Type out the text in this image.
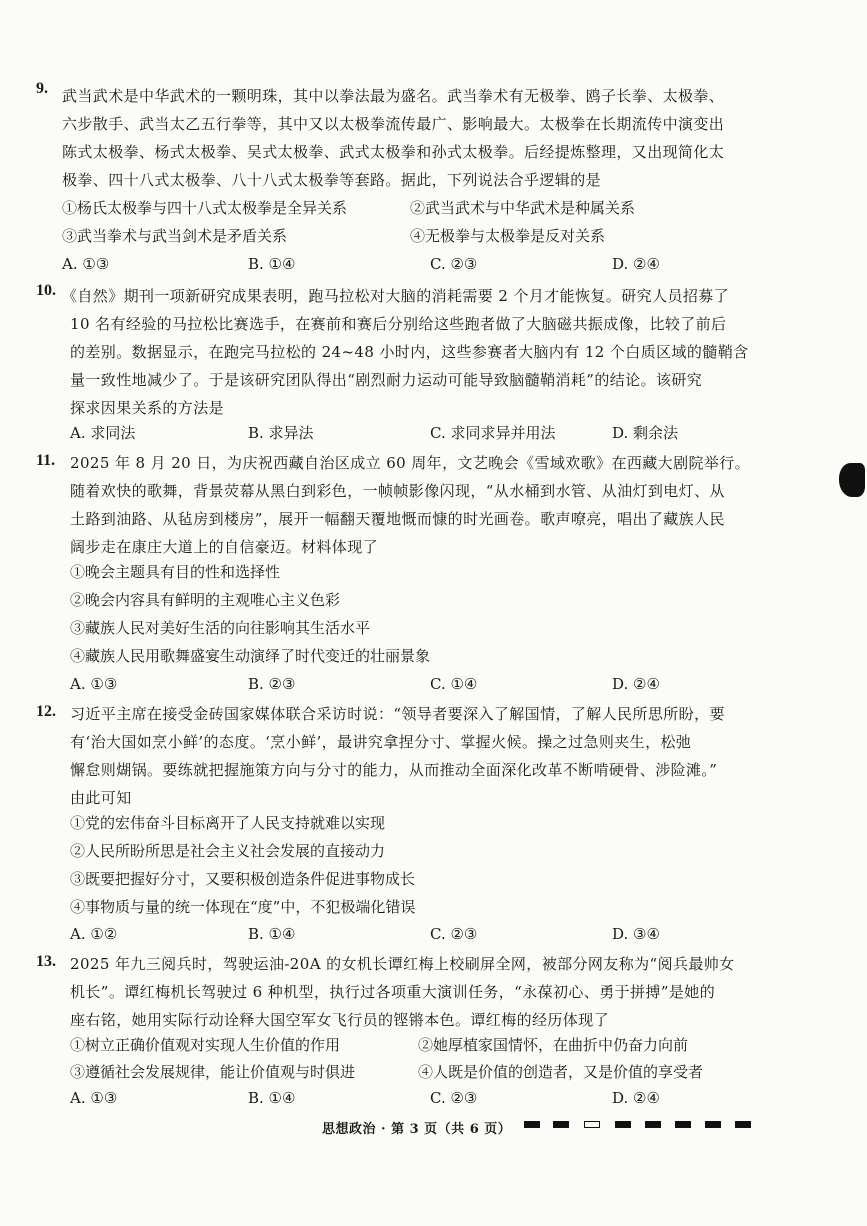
9. 武当武术是中华武术的一颗明珠，其中以拳法最为盛名。武当拳术有无极拳、鸥子长拳、太极拳、
六步散手、武当太乙五行拳等，其中又以太极拳流传最广、影响最大。太极拳在长期流传中演变出
陈式太极拳、杨式太极拳、吴式太极拳、武式太极拳和孙式太极拳。后经提炼整理，又出现简化太
极拳、四十八式太极拳、八十八式太极拳等套路。据此，下列说法合乎逻辑的是
①杨氏太极拳与四十八式太极拳是全异关系	②武当武术与中华武术是种属关系
③武当拳术与武当剑术是矛盾关系	④无极拳与太极拳是反对关系
A. ①③	B. ①④	C. ②③	D. ②④
10. 《自然》期刊一项新研究成果表明，跑马拉松对大脑的消耗需要 2 个月才能恢复。研究人员招募了
10 名有经验的马拉松比赛选手，在赛前和赛后分别给这些跑者做了大脑磁共振成像，比较了前后
的差别。数据显示，在跑完马拉松的 24~48 小时内，这些参赛者大脑内有 12 个白质区域的髓鞘含
量一致性地减少了。于是该研究团队得出“剧烈耐力运动可能导致脑髓鞘消耗”的结论。该研究
探求因果关系的方法是
A. 求同法	B. 求异法	C. 求同求异并用法	D. 剩余法
11. 2025 年 8 月 20 日，为庆祝西藏自治区成立 60 周年，文艺晚会《雪域欢歌》在西藏大剧院举行。
随着欢快的歌舞，背景荧幕从黑白到彩色，一帧帧影像闪现，“从水桶到水管、从油灯到电灯、从
土路到油路、从毡房到楼房”，展开一幅翻天覆地慨而慷的时光画卷。歌声嘹亮，唱出了藏族人民
阔步走在康庄大道上的自信豪迈。材料体现了
①晚会主题具有目的性和选择性
②晚会内容具有鲜明的主观唯心主义色彩
③藏族人民对美好生活的向往影响其生活水平
④藏族人民用歌舞盛宴生动演绎了时代变迁的壮丽景象
A. ①③	B. ②③	C. ①④	D. ②④
12. 习近平主席在接受金砖国家媒体联合采访时说：“领导者要深入了解国情，了解人民所思所盼，要
有‘治大国如烹小鲜’的态度。‘烹小鲜’，最讲究拿捏分寸、掌握火候。操之过急则夹生，松弛
懈怠则煳锅。要练就把握施策方向与分寸的能力，从而推动全面深化改革不断啃硬骨、涉险滩。”
由此可知
①党的宏伟奋斗目标离开了人民支持就难以实现
②人民所盼所思是社会主义社会发展的直接动力
③既要把握好分寸，又要积极创造条件促进事物成长
④事物质与量的统一体现在“度”中，不犯极端化错误
A. ①②	B. ①④	C. ②③	D. ③④
13. 2025 年九三阅兵时，驾驶运油-20A 的女机长谭红梅上校刷屏全网，被部分网友称为“阅兵最帅女
机长”。谭红梅机长驾驶过 6 种机型，执行过各项重大演训任务，“永葆初心、勇于拼搏”是她的
座右铭，她用实际行动诠释大国空军女飞行员的铿锵本色。谭红梅的经历体现了
①树立正确价值观对实现人生价值的作用	②她厚植家国情怀，在曲折中仍奋力向前
③遵循社会发展规律，能让价值观与时俱进	④人既是价值的创造者，又是价值的享受者
A. ①③	B. ①④	C. ②③	D. ②④
思想政治 · 第 3 页（共 6 页）
